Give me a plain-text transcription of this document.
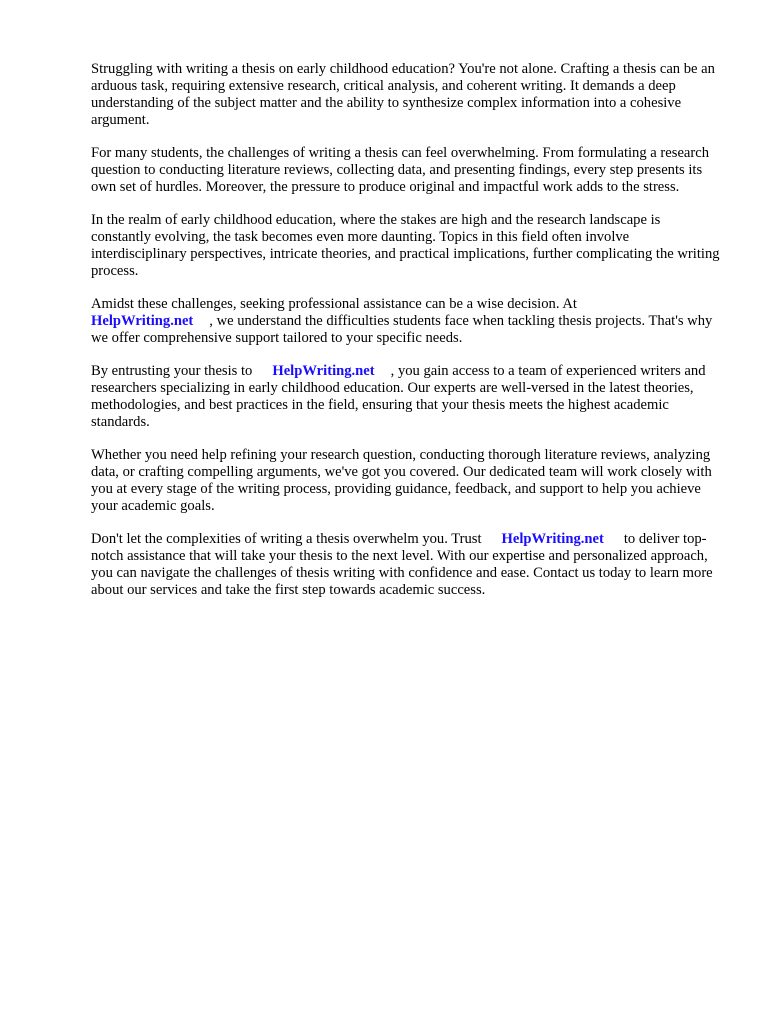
Struggling with writing a thesis on early childhood education? You're not alone. Crafting a thesis can be an arduous task, requiring extensive research, critical analysis, and coherent writing. It demands a deep understanding of the subject matter and the ability to synthesize complex information into a cohesive argument.

For many students, the challenges of writing a thesis can feel overwhelming. From formulating a research question to conducting literature reviews, collecting data, and presenting findings, every step presents its own set of hurdles. Moreover, the pressure to produce original and impactful work adds to the stress.

In the realm of early childhood education, where the stakes are high and the research landscape is constantly evolving, the task becomes even more daunting. Topics in this field often involve interdisciplinary perspectives, intricate theories, and practical implications, further complicating the writing process.

Amidst these challenges, seeking professional assistance can be a wise decision. At
HelpWriting.net , we understand the difficulties students face when tackling thesis projects. That's why we offer comprehensive support tailored to your specific needs.

By entrusting your thesis to HelpWriting.net , you gain access to a team of experienced writers and researchers specializing in early childhood education. Our experts are well-versed in the latest theories, methodologies, and best practices in the field, ensuring that your thesis meets the highest academic standards.

Whether you need help refining your research question, conducting thorough literature reviews, analyzing data, or crafting compelling arguments, we've got you covered. Our dedicated team will work closely with you at every stage of the writing process, providing guidance, feedback, and support to help you achieve your academic goals.

Don't let the complexities of writing a thesis overwhelm you. Trust HelpWriting.net to deliver top-notch assistance that will take your thesis to the next level. With our expertise and personalized approach, you can navigate the challenges of thesis writing with confidence and ease. Contact us today to learn more about our services and take the first step towards academic success.
